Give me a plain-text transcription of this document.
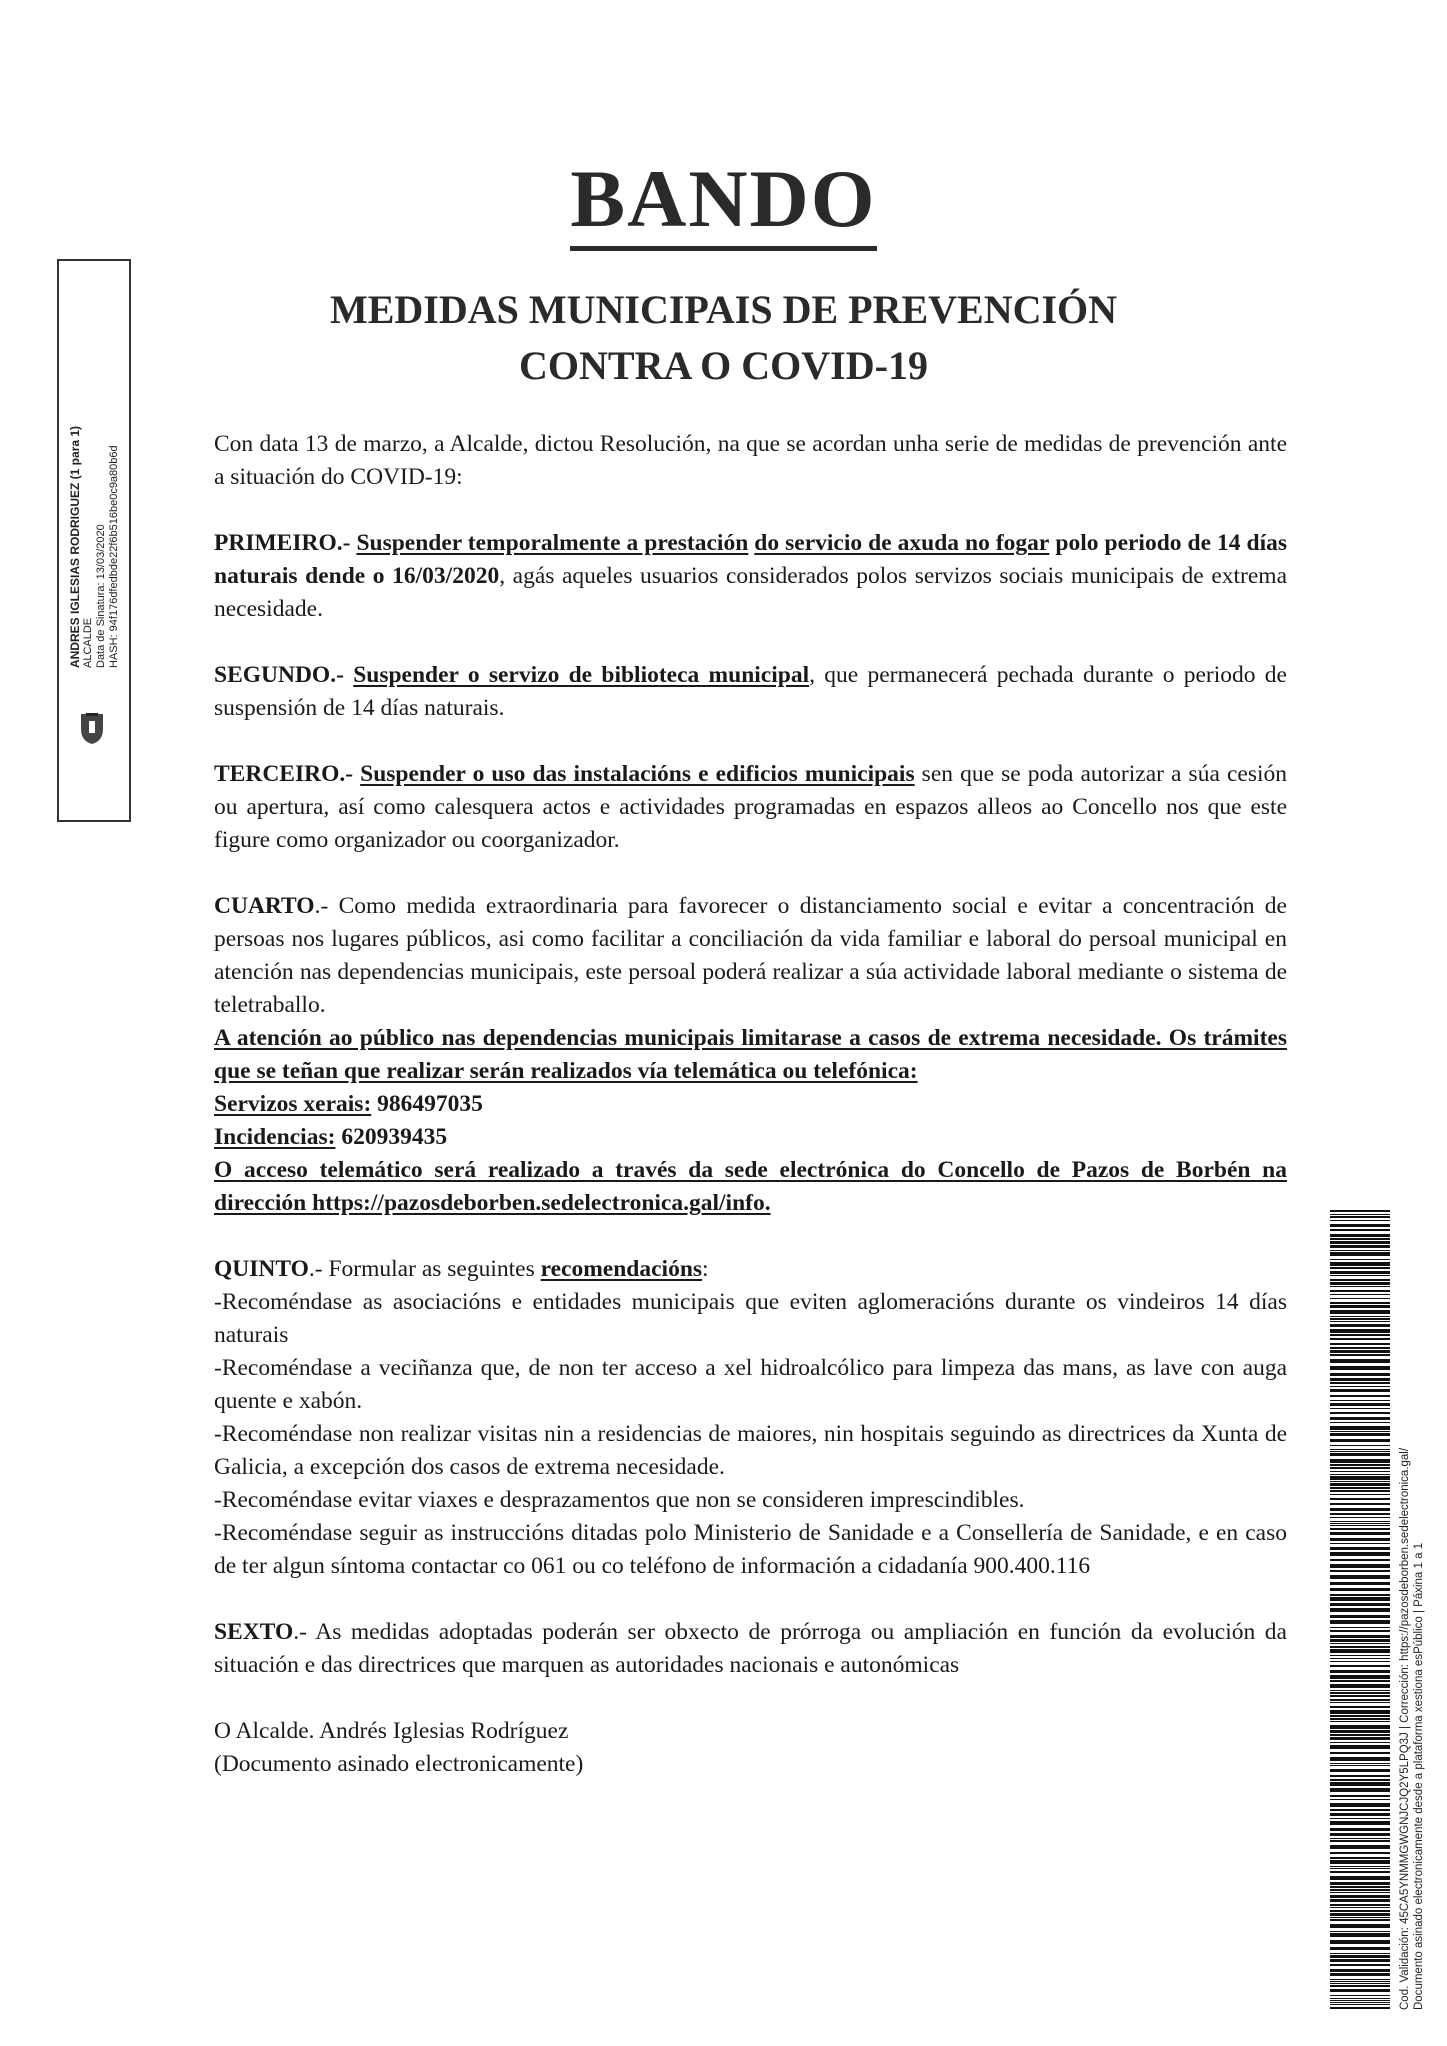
ANDRES IGLESIAS RODRIGUEZ (1 para 1) ALCALDE Data de Sinatura: 13/03/2020 HASH: 94f176dfedbde22f6b516be0c9a80b6d
BANDO
MEDIDAS MUNICIPAIS DE PREVENCIÓN
CONTRA O COVID-19

Con data 13 de marzo, a Alcalde, dictou Resolución, na que se acordan unha serie de medidas de prevención ante a situación do COVID-19:

PRIMEIRO.- Suspender temporalmente a prestación do servicio de axuda no fogar polo periodo de 14 días naturais dende o 16/03/2020, agás aqueles usuarios considerados polos servizos sociais municipais de extrema necesidade.

SEGUNDO.- Suspender o servizo de biblioteca municipal, que permanecerá pechada durante o periodo de suspensión de 14 días naturais.

TERCEIRO.- Suspender o uso das instalacións e edificios municipais sen que se poda autorizar a súa cesión ou apertura, así como calesquera actos e actividades programadas en espazos alleos ao Concello nos que este figure como organizador ou coorganizador.

CUARTO.- Como medida extraordinaria para favorecer o distanciamento social e evitar a concentración de persoas nos lugares públicos, asi como facilitar a conciliación da vida familiar e laboral do persoal municipal en atención nas dependencias municipais, este persoal poderá realizar a súa actividade laboral mediante o sistema de teletraballo.

A atención ao público nas dependencias municipais limitarase a casos de extrema necesidade. Os trámites que se teñan que realizar serán realizados vía telemática ou telefónica:

Servizos xerais: 986497035

Incidencias: 620939435

O acceso telemático será realizado a través da sede electrónica do Concello de Pazos de Borbén na dirección https://pazosdeborben.sedelectronica.gal/info.

QUINTO.- Formular as seguintes recomendacións:

-Recoméndase as asociacións e entidades municipais que eviten aglomeracións durante os vindeiros 14 días naturais

-Recoméndase a veciñanza que, de non ter acceso a xel hidroalcólico para limpeza das mans, as lave con auga quente e xabón.

-Recoméndase non realizar visitas nin a residencias de maiores, nin hospitais seguindo as directrices da Xunta de Galicia, a excepción dos casos de extrema necesidade.

-Recoméndase evitar viaxes e desprazamentos que non se consideren imprescindibles.

-Recoméndase seguir as instruccións ditadas polo Ministerio de Sanidade e a Consellería de Sanidade, e en caso de ter algun síntoma contactar co 061 ou co teléfono de información a cidadanía 900.400.116

SEXTO.- As medidas adoptadas poderán ser obxecto de prórroga ou ampliación en función da evolución da situación e das directrices que marquen as autoridades nacionais e autonómicas

O Alcalde. Andrés Iglesias Rodríguez

(Documento asinado electronicamente)	Cod. Validación: 45CA5YNMMGWGNJCJQ2Y5LPQ3J | Corrección: https://pazosdeborben.sedelectronica.gal/ Documento asinado electronicamente desde a plataforma xestiona esPúblico | Páxina 1 a 1
